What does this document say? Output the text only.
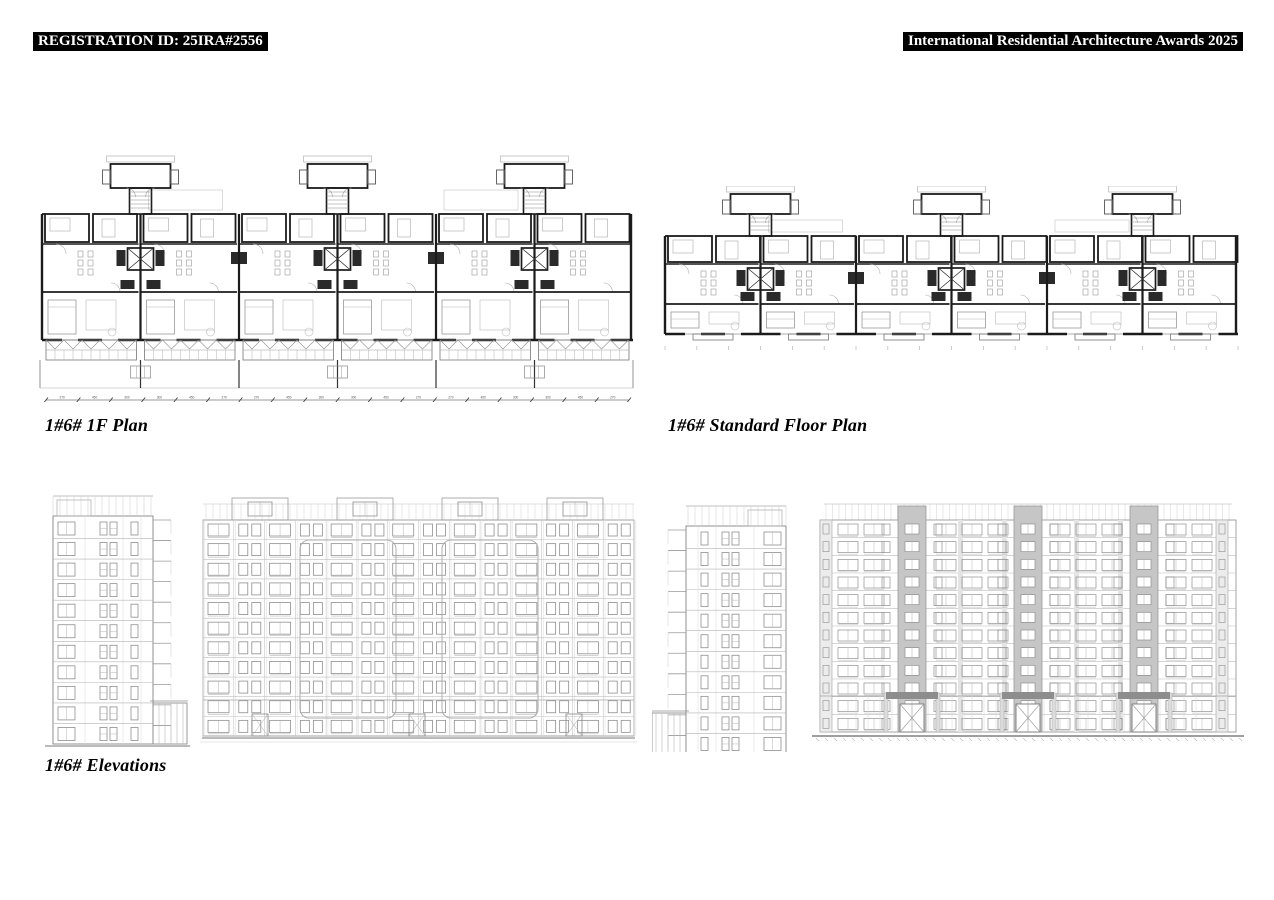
REGISTRATION ID: 25IRA#2556	International Residential Architecture Awards 2025
270	450	300	300	450	270	270	450	300	300	450	270	270	450	300	300	450	270
1#6# 1F Plan	1#6# Standard Floor Plan
1#6# Elevations
